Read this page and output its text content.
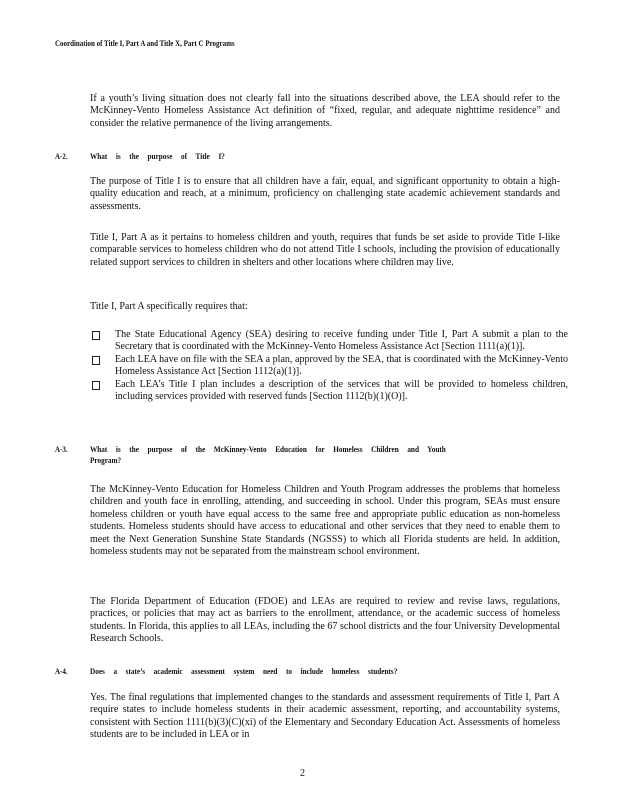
Coordination of Title I, Part A and Title X, Part C Programs

If a youth’s living situation does not clearly fall into the situations described above, the LEA should refer to the McKinney-Vento Homeless Assistance Act definition of “fixed, regular, and adequate nighttime residence” and consider the relative permanence of the living arrangements.

A-2.	What is the purpose of Title I?

The purpose of Title I is to ensure that all children have a fair, equal, and significant opportunity to obtain a high-quality education and reach, at a minimum, proficiency on challenging state academic achievement standards and assessments.

Title I, Part A as it pertains to homeless children and youth, requires that funds be set aside to provide Title I-like comparable services to homeless children who do not attend Title I schools, including the provision of educationally related support services to children in shelters and other locations where children may live.

Title I, Part A specifically requires that:

The State Educational Agency (SEA) desiring to receive funding under Title I, Part A submit a plan to the Secretary that is coordinated with the McKinney-Vento Homeless Assistance Act [Section 1111(a)(1)].
Each LEA have on file with the SEA a plan, approved by the SEA, that is coordinated with the McKinney-Vento Homeless Assistance Act [Section 1112(a)(1)].
Each LEA’s Title I plan includes a description of the services that will be provided to homeless children, including services provided with reserved funds [Section 1112(b)(1)(O)].
A-3.	What is the purpose of the McKinney-Vento Education for Homeless Children and Youth Program?

The McKinney-Vento Education for Homeless Children and Youth Program addresses the problems that homeless children and youth face in enrolling, attending, and succeeding in school. Under this program, SEAs must ensure homeless children or youth have equal access to the same free and appropriate public education as non-homeless students. Homeless students should have access to educational and other services that they need to enable them to meet the Next Generation Sunshine State Standards (NGSSS) to which all Florida students are held. In addition, homeless students may not be separated from the mainstream school environment.

The Florida Department of Education (FDOE) and LEAs are required to review and revise laws, regulations, practices, or policies that may act as barriers to the enrollment, attendance, or the academic success of homeless students. In Florida, this applies to all LEAs, including the 67 school districts and the four University Developmental Research Schools.

A-4.	Does a state’s academic assessment system need to include homeless students?

Yes. The final regulations that implemented changes to the standards and assessment requirements of Title I, Part A require states to include homeless students in their academic assessment, reporting, and accountability systems, consistent with Section 1111(b)(3)(C)(xi) of the Elementary and Secondary Education Act. Assessments of homeless students are to be included in LEA or in

2
